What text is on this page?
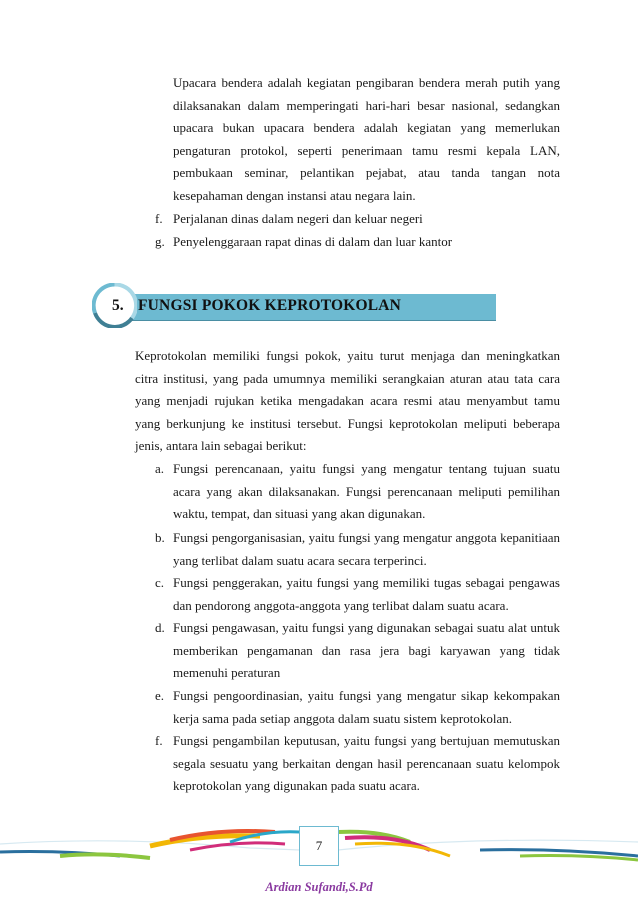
Upacara bendera adalah kegiatan pengibaran bendera merah putih yang dilaksanakan dalam memperingati hari-hari besar nasional, sedangkan upacara bukan upacara bendera adalah kegiatan yang memerlukan pengaturan protokol, seperti penerimaan tamu resmi kepala LAN, pembukaan seminar, pelantikan pejabat, atau tanda tangan nota kesepahaman dengan instansi atau negara lain.
f. Perjalanan dinas dalam negeri dan keluar negeri
g. Penyelenggaraan rapat dinas di dalam dan luar kantor
5. FUNGSI POKOK KEPROTOKOLAN
Keprotokolan memiliki fungsi pokok, yaitu turut menjaga dan meningkatkan citra institusi, yang pada umumnya memiliki serangkaian aturan atau tata cara yang menjadi rujukan ketika mengadakan acara resmi atau menyambut tamu yang berkunjung ke institusi tersebut. Fungsi keprotokolan meliputi beberapa jenis, antara lain sebagai berikut:
a. Fungsi perencanaan, yaitu fungsi yang mengatur tentang tujuan suatu acara yang akan dilaksanakan. Fungsi perencanaan meliputi pemilihan waktu, tempat, dan situasi yang akan digunakan.
b. Fungsi pengorganisasian, yaitu fungsi yang mengatur anggota kepanitiaan yang terlibat dalam suatu acara secara terperinci.
c. Fungsi penggerakan, yaitu fungsi yang memiliki tugas sebagai pengawas dan pendorong anggota-anggota yang terlibat dalam suatu acara.
d. Fungsi pengawasan, yaitu fungsi yang digunakan sebagai suatu alat untuk memberikan pengamanan dan rasa jera bagi karyawan yang tidak memenuhi peraturan
e. Fungsi pengoordinasian, yaitu fungsi yang mengatur sikap kekompakan kerja sama pada setiap anggota dalam suatu sistem keprotokolan.
f. Fungsi pengambilan keputusan, yaitu fungsi yang bertujuan memutuskan segala sesuatu yang berkaitan dengan hasil perencanaan suatu kelompok keprotokolan yang digunakan pada suatu acara.
7
Ardian Sufandi,S.Pd
